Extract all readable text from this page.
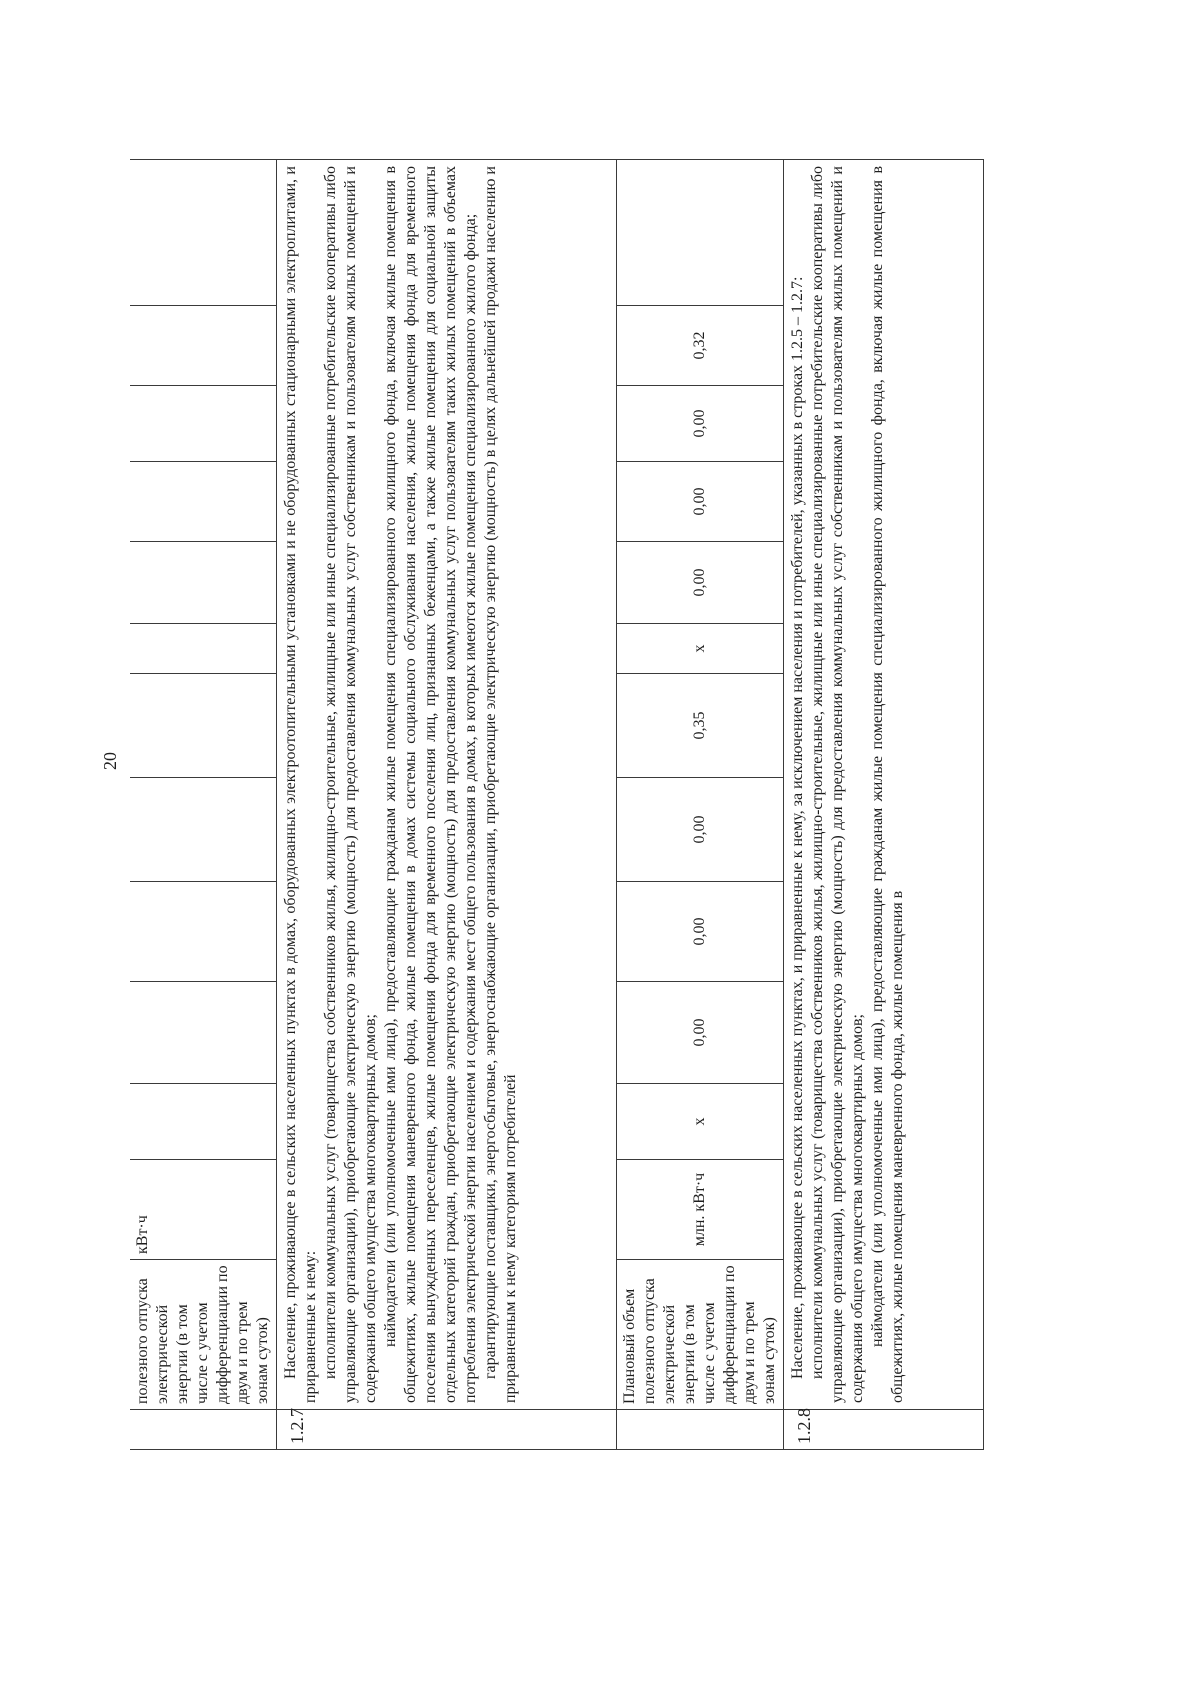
20
	полезного отпуска электрической энергии (в том числе с учетом дифференциации по двум и по трем зонам суток)	кВт·ч											
1.2.7	Население, проживающее в сельских населенных пунктах в домах, оборудованных электроотопительными установками и не оборудованных стационарными электроплитами, и приравненные к нему: исполнители коммунальных услуг (товарищества собственников жилья, жилищно-строительные, жилищные или иные специализированные потребительские кооперативы либо управляющие организации), приобретающие электрическую энергию (мощность) для предоставления коммунальных услуг собственникам и пользователям жилых помещений и содержания общего имущества многоквартирных домов; наймодатели (или уполномоченные ими лица), предоставляющие гражданам жилые помещения специализированного жилищного фонда, включая жилые помещения в общежитиях, жилые помещения маневренного фонда, жилые помещения в домах системы социального обслуживания населения, жилые помещения фонда для временного поселения вынужденных переселенцев, жилые помещения фонда для временного поселения лиц, признанных беженцами, а также жилые помещения для социальной защиты отдельных категорий граждан, приобретающие электрическую энергию (мощность) для предоставления коммунальных услуг пользователям таких жилых помещений в объемах потребления электрической энергии населением и содержания мест общего пользования в домах, в которых имеются жилые помещения специализированного жилого фонда; гарантирующие поставщики, энергосбытовые, энергоснабжающие организации, приобретающие электрическую энергию (мощность) в целях дальнейшей продажи населению и приравненным к нему категориям потребителей												

	Плановый объем полезного отпуска электрической энергии (в том числе с учетом дифференциации по двум и по трем зонам суток)	млн. кВт·ч	х	0,00	0,00	0,00	0,35	х	0,00	0,00	0,00	0,32	
1.2.8	Население, проживающее в сельских населенных пунктах, и приравненные к нему, за исключением населения и потребителей, указанных в строках 1.2.5 – 1.2.7: исполнители коммунальных услуг (товарищества собственников жилья, жилищно-строительные, жилищные или иные специализированные потребительские кооперативы либо управляющие организации), приобретающие электрическую энергию (мощность) для предоставления коммунальных услуг собственникам и пользователям жилых помещений и содержания общего имущества многоквартирных домов; наймодатели (или уполномоченные ими лица), предоставляющие гражданам жилые помещения специализированного жилищного фонда, включая жилые помещения в общежитиях, жилые помещения маневренного фонда, жилые помещения в												
